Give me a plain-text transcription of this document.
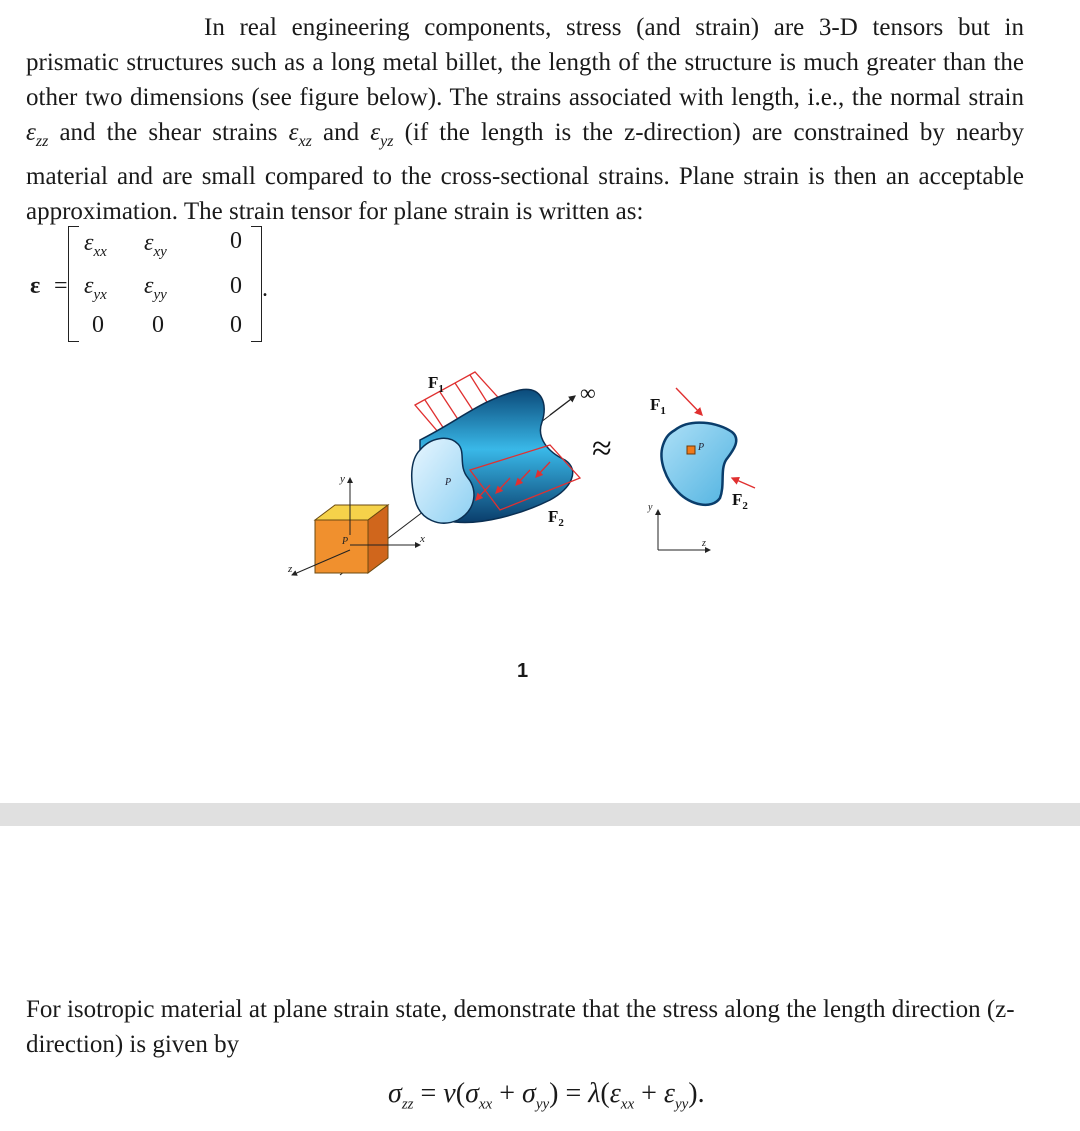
In real engineering components, stress (and strain) are 3-D tensors but in prismatic structures such as a long metal billet, the length of the structure is much greater than the other two dimensions (see figure below). The strains associated with length, i.e., the normal strain $\varepsilon_{zz}$ and the shear strains $\varepsilon_{xz}$ and $\varepsilon_{yz}$ (if the length is the z-direction) are constrained by nearby material and are small compared to the cross-sectional strains. Plane strain is then an acceptable approximation. The strain tensor for plane strain is written as:
ε =
$\varepsilon_{xx}$ $\varepsilon_{xy}$	0
$\varepsilon_{yx}$ $\varepsilon_{yy}$	0
0 0	0
.
P
$F_1$
$F_2$
P
y
x
z
∞
≈	P
$F_1$
$F_2$
y
z
1
For isotropic material at plane strain state, demonstrate that the stress along the length direction (z-direction) is given by
$\sigma_{zz} = \nu(\sigma_{xx} + \sigma_{yy}) = \lambda(\varepsilon_{xx} + \varepsilon_{yy})$.
